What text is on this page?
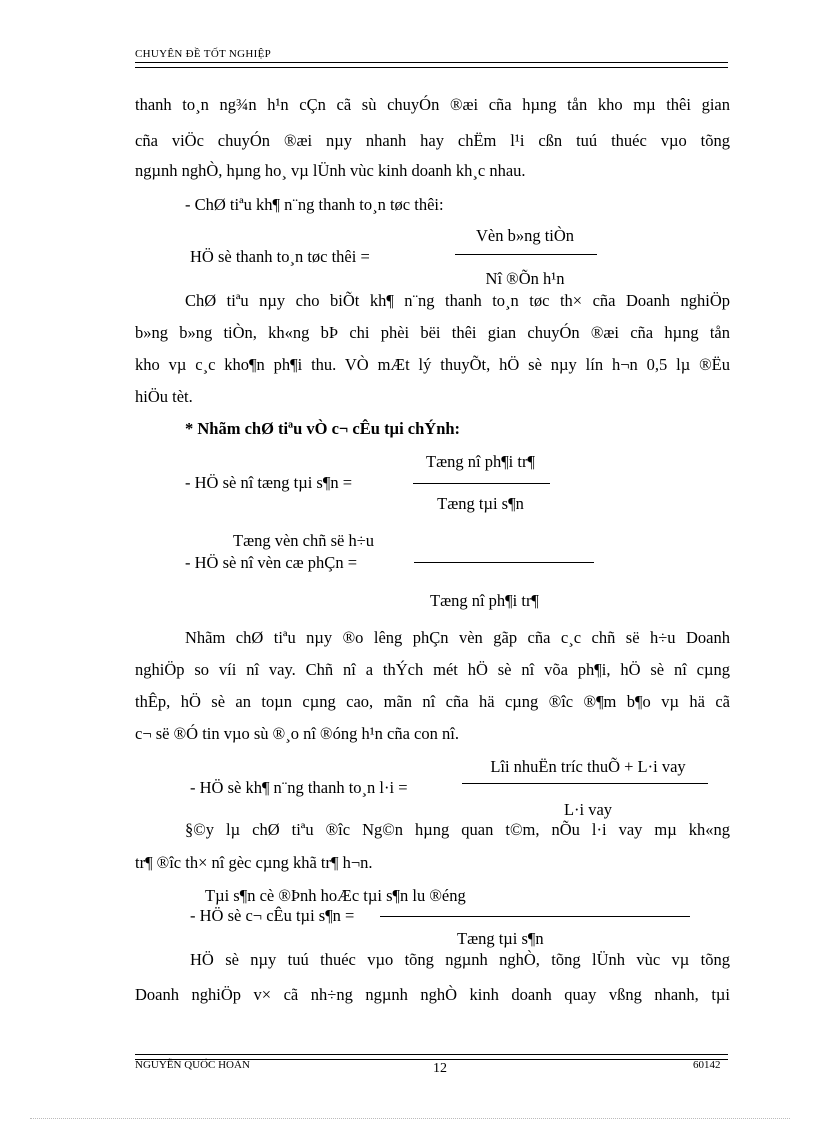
CHUYÊN ĐỀ TỐT NGHIỆP
thanh to¸n ng¾n h¹n cÇn cã sù chuyÓn ®æi cña hµng tån kho mµ thêi gian
cña viÖc chuyÓn ®æi nµy nhanh hay chËm l¹i cßn tuú thuéc vµo tõng
ngµnh nghÒ, hµng ho¸ vµ lÜnh vùc kinh doanh kh¸c nhau.
- ChØ tiªu kh¶ n¨ng thanh to¸n tøc thêi:
HÖ sè thanh to¸n tøc thêi =
Vèn b»ng tiÒn
Nî ®Õn h¹n
ChØ tiªu nµy cho biÕt kh¶ n¨ng thanh to¸n tøc th× cña Doanh nghiÖp
b»ng b»ng tiÒn, kh«ng bÞ chi phèi bëi thêi gian chuyÓn ®æi cña hµng tån
kho vµ c¸c kho¶n ph¶i thu. VÒ mÆt lý thuyÕt, hÖ sè nµy lín h¬n 0,5 lµ ®Ëu
hiÖu tèt.
* Nhãm chØ tiªu vÒ c¬ cÊu tµi chÝnh:
- HÖ sè nî tæng tµi s¶n =
Tæng nî ph¶i tr¶
Tæng tµi s¶n
Tæng vèn chñ së h÷u
- HÖ sè nî vèn cæ phÇn =
Tæng nî ph¶i tr¶
Nhãm chØ tiªu nµy ®o lêng phÇn vèn gãp cña c¸c chñ së h÷u Doanh
nghiÖp so víi nî vay. Chñ nî a thÝch mét hÖ sè nî võa ph¶i, hÖ sè nî cµng
thÊp, hÖ sè an toµn cµng cao, mãn nî cña hä cµng ®îc ®¶m b¶o vµ hä cã
c¬ së ®Ó tin vµo sù ®¸o nî ®óng h¹n cña con nî.
- HÖ sè kh¶ n¨ng thanh to¸n l·i =
Lîi nhuËn tríc thuÕ + L·i vay
L·i vay
§©y lµ chØ tiªu ®îc Ng©n hµng quan t©m, nÕu l·i vay mµ kh«ng
tr¶ ®îc th× nî gèc cµng khã tr¶ h¬n.
Tµi s¶n cè ®Þnh hoÆc tµi s¶n lu ®éng
- HÖ sè c¬ cÊu tµi s¶n =
Tæng tµi s¶n
HÖ sè nµy tuú thuéc vµo tõng ngµnh nghÒ, tõng lÜnh vùc vµ tõng
Doanh nghiÖp v× cã nh÷ng ngµnh nghÒ kinh doanh quay vßng nhanh, tµi
NGUYỄN QUỐC HOÀN	12	60142
